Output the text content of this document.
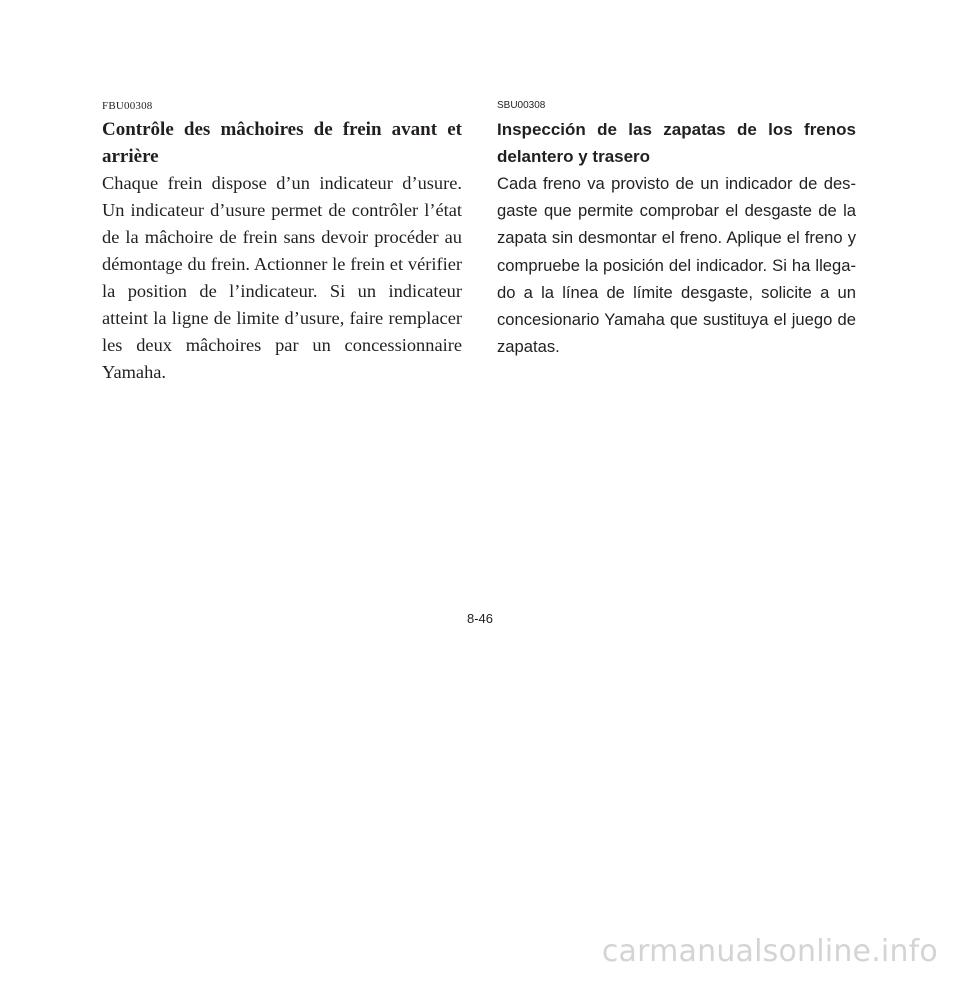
FBU00308
Contrôle des mâchoires de frein avant et arrière

Chaque frein dispose d’un indicateur d’usure. Un indicateur d’usure permet de contrôler l’état de la mâchoire de frein sans devoir procéder au démontage du frein. Actionner le frein et vérifier la position de l’indicateur. Si un indicateur atteint la ligne de limite d’usure, faire remplacer les deux mâchoires par un concessionnaire Yamaha.

SBU00308
Inspección de las zapatas de los frenos delantero y trasero

Cada freno va provisto de un indicador de des-gaste que permite comprobar el desgaste de la zapata sin desmontar el freno. Aplique el freno y compruebe la posición del indicador. Si ha llega-do a la línea de límite desgaste, solicite a un concesionario Yamaha que sustituya el juego de zapatas.

8-46
carmanualsonline.info
